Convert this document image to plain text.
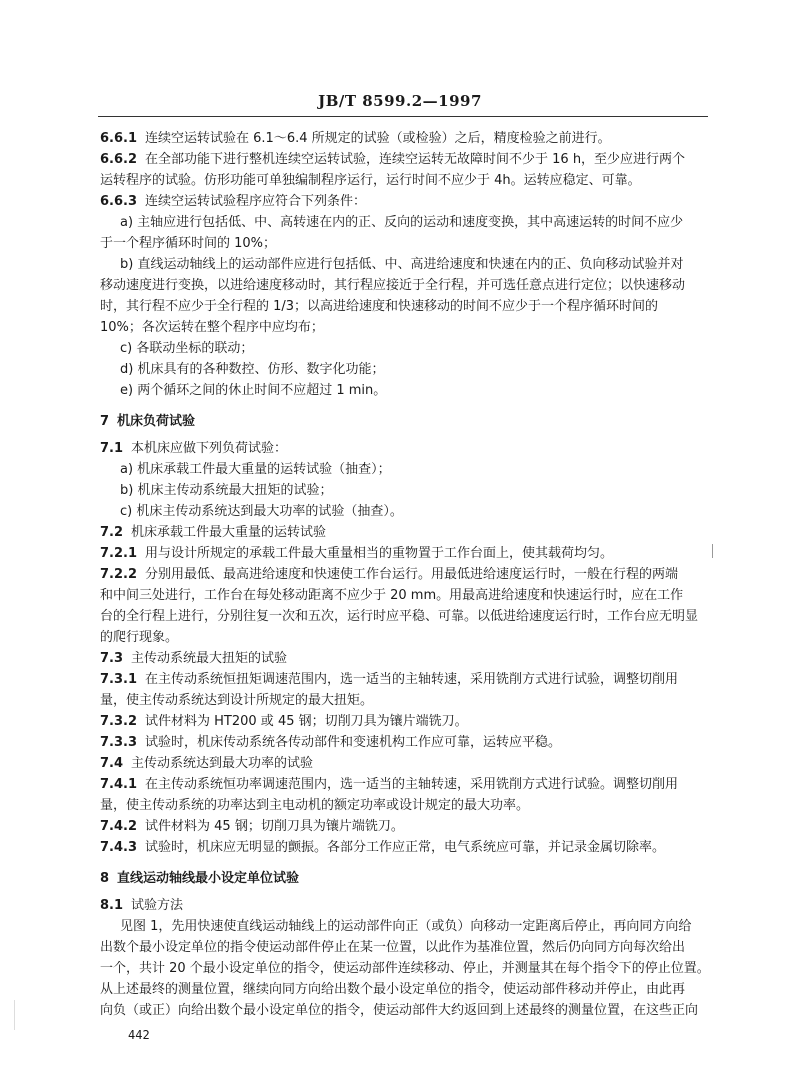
JB/T 8599.2—1997
6.6.1 连续空运转试验在 6.1～6.4 所规定的试验（或检验）之后，精度检验之前进行。
6.6.2 在全部功能下进行整机连续空运转试验，连续空运转无故障时间不少于 16 h，至少应进行两个
运转程序的试验。仿形功能可单独编制程序运行，运行时间不应少于 4h。运转应稳定、可靠。
6.6.3 连续空运转试验程序应符合下列条件：
a) 主轴应进行包括低、中、高转速在内的正、反向的运动和速度变换，其中高速运转的时间不应少
于一个程序循环时间的 10%；
b) 直线运动轴线上的运动部件应进行包括低、中、高进给速度和快速在内的正、负向移动试验并对
移动速度进行变换，以进给速度移动时，其行程应接近于全行程，并可选任意点进行定位；以快速移动
时，其行程不应少于全行程的 1/3；以高进给速度和快速移动的时间不应少于一个程序循环时间的
10%；各次运转在整个程序中应均布；
c) 各联动坐标的联动；
d) 机床具有的各种数控、仿形、数字化功能；
e) 两个循环之间的休止时间不应超过 1 min。
7 机床负荷试验
7.1 本机床应做下列负荷试验：
a) 机床承载工件最大重量的运转试验（抽查）；
b) 机床主传动系统最大扭矩的试验；
c) 机床主传动系统达到最大功率的试验（抽查）。
7.2 机床承载工件最大重量的运转试验
7.2.1 用与设计所规定的承载工件最大重量相当的重物置于工作台面上，使其载荷均匀。
7.2.2 分别用最低、最高进给速度和快速使工作台运行。用最低进给速度运行时，一般在行程的两端
和中间三处进行，工作台在每处移动距离不应少于 20 mm。用最高进给速度和快速运行时，应在工作
台的全行程上进行，分别往复一次和五次，运行时应平稳、可靠。以低进给速度运行时，工作台应无明显
的爬行现象。
7.3 主传动系统最大扭矩的试验
7.3.1 在主传动系统恒扭矩调速范围内，选一适当的主轴转速，采用铣削方式进行试验，调整切削用
量，使主传动系统达到设计所规定的最大扭矩。
7.3.2 试件材料为 HT200 或 45 钢；切削刀具为镶片端铣刀。
7.3.3 试验时，机床传动系统各传动部件和变速机构工作应可靠，运转应平稳。
7.4 主传动系统达到最大功率的试验
7.4.1 在主传动系统恒功率调速范围内，选一适当的主轴转速，采用铣削方式进行试验。调整切削用
量，使主传动系统的功率达到主电动机的额定功率或设计规定的最大功率。
7.4.2 试件材料为 45 钢；切削刀具为镶片端铣刀。
7.4.3 试验时，机床应无明显的颤振。各部分工作应正常，电气系统应可靠，并记录金属切除率。
8 直线运动轴线最小设定单位试验
8.1 试验方法
见图 1，先用快速使直线运动轴线上的运动部件向正（或负）向移动一定距离后停止，再向同方向给
出数个最小设定单位的指令使运动部件停止在某一位置，以此作为基准位置，然后仍向同方向每次给出
一个，共计 20 个最小设定单位的指令，使运动部件连续移动、停止，并测量其在每个指令下的停止位置。
从上述最终的测量位置，继续向同方向给出数个最小设定单位的指令，使运动部件移动并停止，由此再
向负（或正）向给出数个最小设定单位的指令，使运动部件大约返回到上述最终的测量位置，在这些正向
442
